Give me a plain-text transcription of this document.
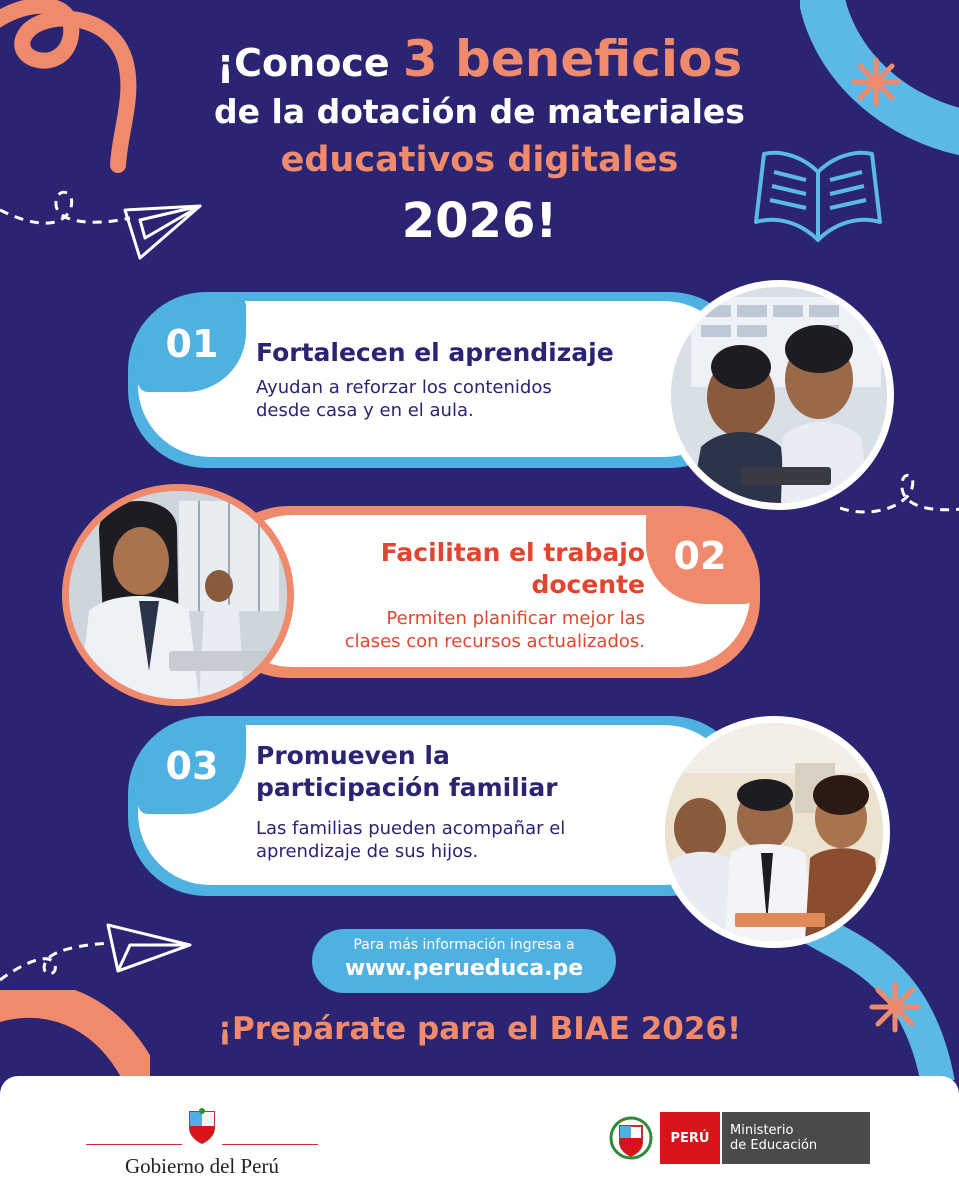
¡Conoce 3 beneficios
de la dotación de materiales
educativos digitales
2026!
01	Fortalecen el aprendizaje
Ayudan a reforzar los contenidos
desde casa y en el aula.
02
Facilitan el trabajo
docente
Permiten planificar mejor las
clases con recursos actualizados.
03	Promueven la
participación familiar
Las familias pueden acompañar el
aprendizaje de sus hijos.
Para más información ingresa a
www.perueduca.pe
¡Prepárate para el BIAE 2026!
Gobierno del Perú
PERÚ	Ministerio
de Educación
